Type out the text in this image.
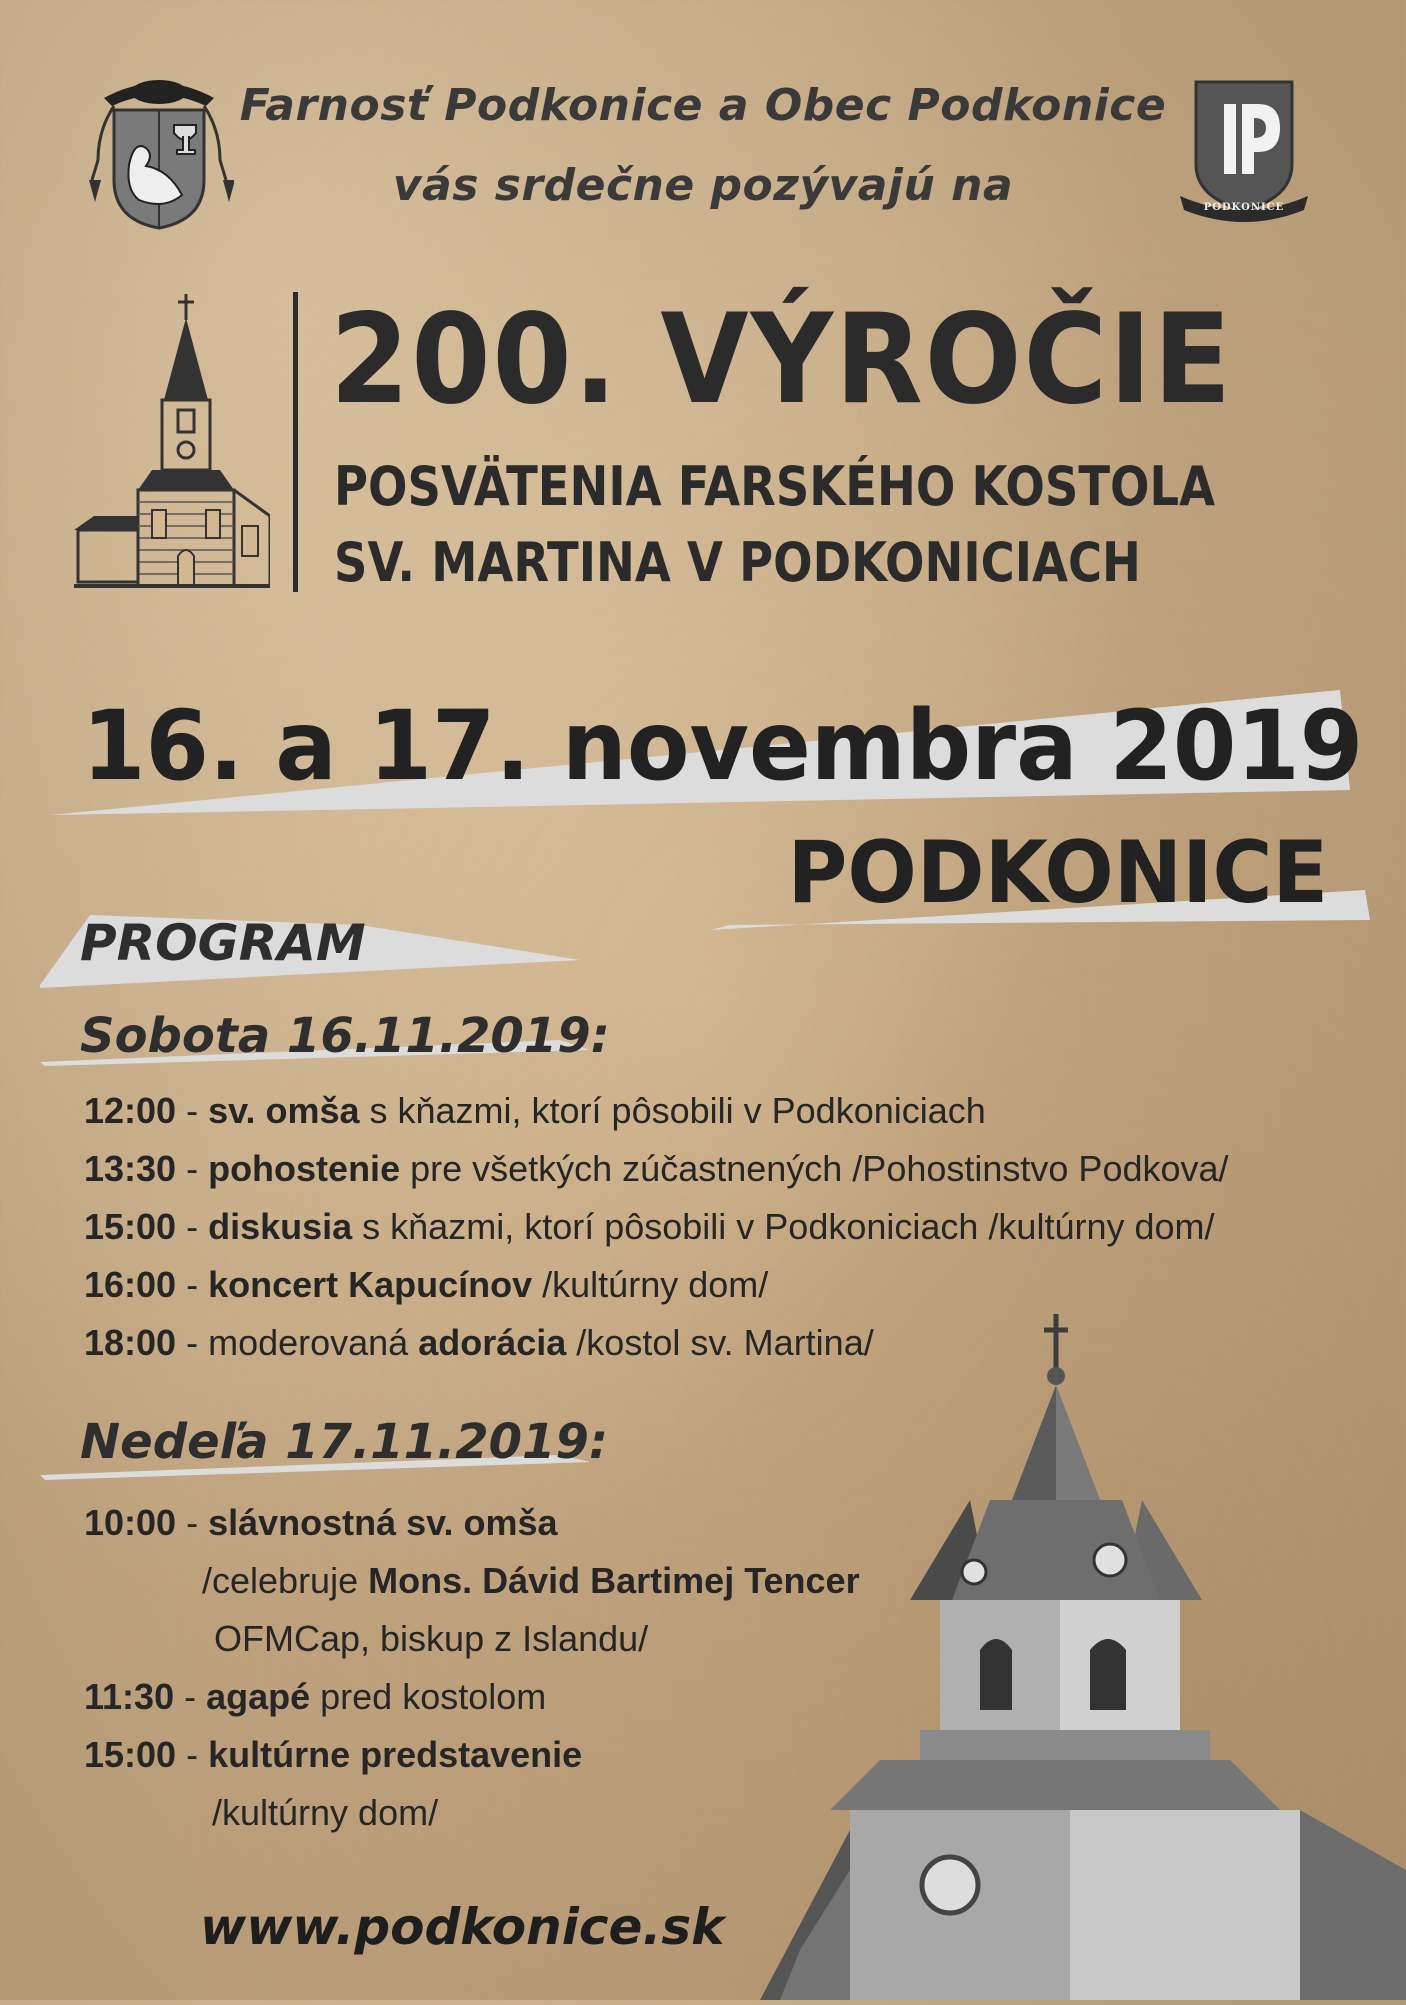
PODKONICE
Farnosť Podkonice a Obec Podkonice
vás srdečne pozývajú na
200. VÝROČIE
POSVÄTENIA FARSKÉHO KOSTOLA
SV. MARTINA V PODKONICIACH
16. a 17. novembra 2019
PODKONICE
PROGRAM
Sobota 16.11.2019:
12:00 - sv. omša s kňazmi, ktorí pôsobili v Podkoniciach
13:30 - pohostenie pre všetkých zúčastnených /Pohostinstvo Podkova/
15:00 - diskusia s kňazmi, ktorí pôsobili v Podkoniciach /kultúrny dom/
16:00 - koncert Kapucínov /kultúrny dom/
18:00 - moderovaná adorácia /kostol sv. Martina/
Nedeľa 17.11.2019:
10:00 - slávnostná sv. omša
/celebruje Mons. Dávid Bartimej Tencer
OFMCap, biskup z Islandu/
11:30 - agapé pred kostolom
15:00 - kultúrne predstavenie
/kultúrny dom/
www.podkonice.sk
